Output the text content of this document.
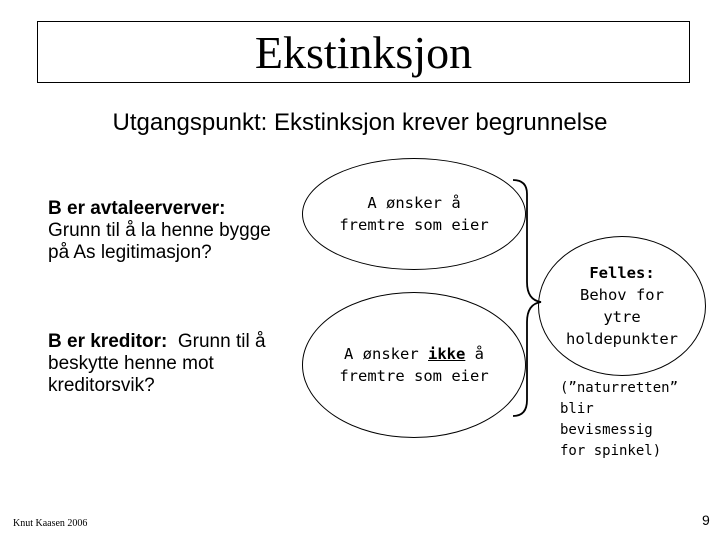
Ekstinksjon
Utgangspunkt: Ekstinksjon krever begrunnelse
B er avtaleerverver:
Grunn til å la henne bygge
på As legitimasjon?
B er kreditor:  Grunn til å
beskytte henne mot
kreditorsvik?
A ønsker å
fremtre som eier
A ønsker ikke å
fremtre som eier
Felles:
Behov for
ytre
holdepunkter
(”naturretten”
blir
bevismessig
for spinkel)
Knut Kaasen 2006	9
